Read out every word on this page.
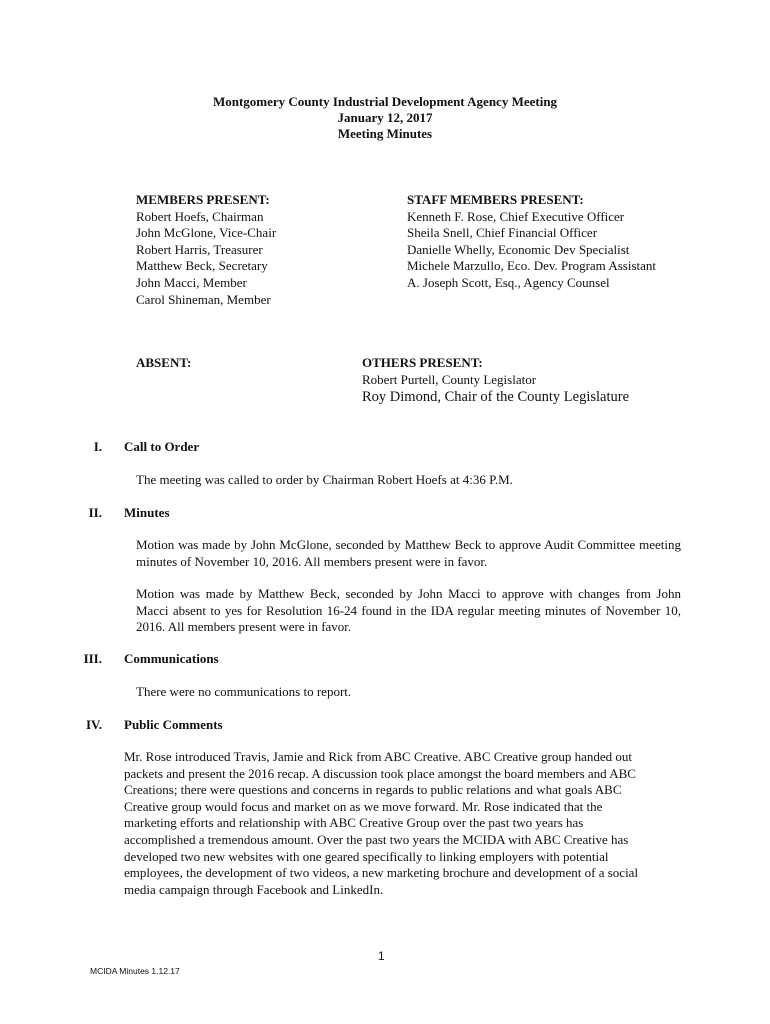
Montgomery County Industrial Development Agency Meeting
January 12, 2017
Meeting Minutes
MEMBERS PRESENT:
Robert Hoefs, Chairman
John McGlone, Vice-Chair
Robert Harris, Treasurer
Matthew Beck, Secretary
John Macci, Member
Carol Shineman, Member
STAFF MEMBERS PRESENT:
Kenneth F. Rose, Chief Executive Officer
Sheila Snell, Chief Financial Officer
Danielle Whelly, Economic Dev Specialist
Michele Marzullo, Eco. Dev. Program Assistant
A. Joseph Scott, Esq., Agency Counsel
ABSENT:	OTHERS PRESENT:
Robert Purtell, County Legislator
Roy Dimond, Chair of the County Legislature
I. Call to Order
The meeting was called to order by Chairman Robert Hoefs at 4:36 P.M.
II. Minutes
Motion was made by John McGlone, seconded by Matthew Beck to approve Audit Committee meeting minutes of November 10, 2016. All members present were in favor.
Motion was made by Matthew Beck, seconded by John Macci to approve with changes from John Macci absent to yes for Resolution 16-24 found in the IDA regular meeting minutes of November 10, 2016. All members present were in favor.
III. Communications
There were no communications to report.
IV. Public Comments
Mr. Rose introduced Travis, Jamie and Rick from ABC Creative. ABC Creative group handed out
packets and present the 2016 recap. A discussion took place amongst the board members and ABC
Creations; there were questions and concerns in regards to public relations and what goals ABC
Creative group would focus and market on as we move forward. Mr. Rose indicated that the
marketing efforts and relationship with ABC Creative Group over the past two years has
accomplished a tremendous amount. Over the past two years the MCIDA with ABC Creative has
developed two new websites with one geared specifically to linking employers with potential
employees, the development of two videos, a new marketing brochure and development of a social
media campaign through Facebook and LinkedIn.
1
MCIDA Minutes 1.12.17
